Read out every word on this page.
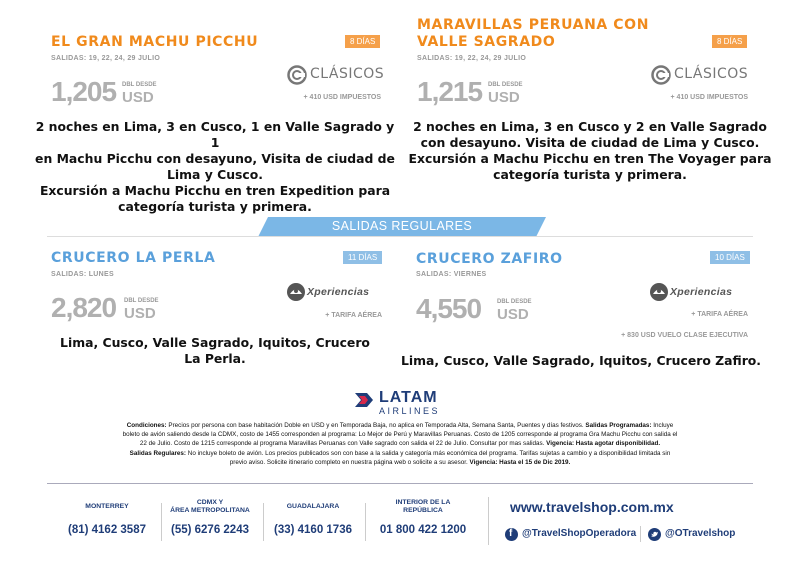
EL GRAN MACHU PICCHU	8 DÍAS
SALIDAS: 19, 22, 24, 29 JULIO
1,205 DBL DESDE
USD
CLÁSICOS
+ 410 USD IMPUESTOS
2 noches en Lima, 3 en Cusco, 1 en Valle Sagrado y 1
en Machu Picchu con desayuno, Visita de ciudad de
Lima y Cusco.
Excursión a Machu Picchu en tren Expedition para
categoría turista y primera.
MARAVILLAS PERUANA CON
VALLE SAGRADO	8 DÍAS
SALIDAS: 19, 22, 24, 29 JULIO
1,215 DBL DESDE
USD
CLÁSICOS
+ 410 USD IMPUESTOS
2 noches en Lima, 3 en Cusco y 2 en Valle Sagrado
con desayuno. Visita de ciudad de Lima y Cusco.
Excursión a Machu Picchu en tren The Voyager para
categoría turista y primera.
SALIDAS REGULARES
CRUCERO LA PERLA	11 DÍAS
SALIDAS: LUNES
2,820 DBL DESDE
USD
Xperiencias
+ TARIFA AÉREA
Lima, Cusco, Valle Sagrado, Iquitos, Crucero
La Perla.
CRUCERO ZAFIRO	10 DÍAS
SALIDAS: VIERNES
4,550	DBL DESDE
USD
Xperiencias
+ TARIFA AÉREA
+ 830 USD VUELO CLASE EJECUTIVA
Lima, Cusco, Valle Sagrado, Iquitos, Crucero Zafiro.
LATAM
AIRLINES
Condiciones: Precios por persona con base habitación Doble en USD y en Temporada Baja, no aplica en Temporada Alta, Semana Santa, Puentes y días festivos. Salidas Programadas: Incluye
boleto de avión saliendo desde la CDMX, costo de 1455 corresponden al programa: Lo Mejor de Perú y Maravillas Peruanas. Costo de 1205 corresponde al programa Gra Machu Picchu con salida el
22 de Julio. Costo de 1215 corresponde al programa Maravillas Peruanas con Valle sagrado con salida el 22 de Julio. Consultar por mas salidas. Vigencia: Hasta agotar disponibilidad.
Salidas Regulares: No incluye boleto de avión. Los precios publicados son con base a la salida y categoría más económica del programa. Tarifas sujetas a cambio y a disponibilidad limitada sin
previo aviso. Solicite itinerario completo en nuestra página web o solicite a su asesor. Vigencia: Hasta el 15 de Dic 2019.
MONTERREY
(81) 4162 3587
CDMX Y
ÁREA METROPOLITANA
(55) 6276 2243
GUADALAJARA
(33) 4160 1736
INTERIOR DE LA
REPÚBLICA
01 800 422 1200
www.travelshop.com.mx
f @TravelShopOperadora	@OTravelshop
